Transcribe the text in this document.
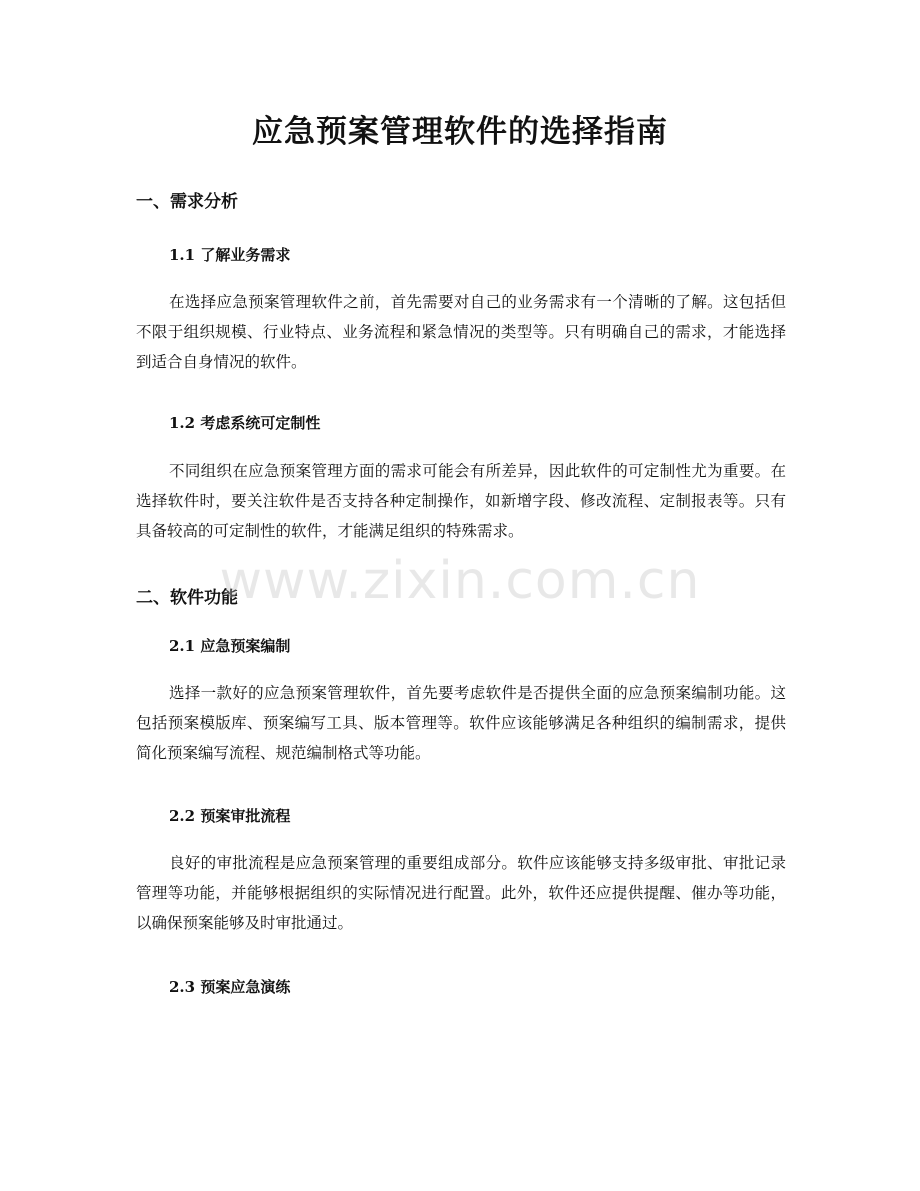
应急预案管理软件的选择指南
一、需求分析
1.1 了解业务需求

在选择应急预案管理软件之前，首先需要对自己的业务需求有一个清晰的了解。这包括但不限于组织规模、行业特点、业务流程和紧急情况的类型等。只有明确自己的需求，才能选择到适合自身情况的软件。

1.2 考虑系统可定制性

不同组织在应急预案管理方面的需求可能会有所差异，因此软件的可定制性尤为重要。在选择软件时，要关注软件是否支持各种定制操作，如新增字段、修改流程、定制报表等。只有具备较高的可定制性的软件，才能满足组织的特殊需求。

二、软件功能
2.1 应急预案编制

选择一款好的应急预案管理软件，首先要考虑软件是否提供全面的应急预案编制功能。这包括预案模版库、预案编写工具、版本管理等。软件应该能够满足各种组织的编制需求，提供简化预案编写流程、规范编制格式等功能。

2.2 预案审批流程

良好的审批流程是应急预案管理的重要组成部分。软件应该能够支持多级审批、审批记录管理等功能，并能够根据组织的实际情况进行配置。此外，软件还应提供提醒、催办等功能，以确保预案能够及时审批通过。

2.3 预案应急演练
www.zixin.com.cn
